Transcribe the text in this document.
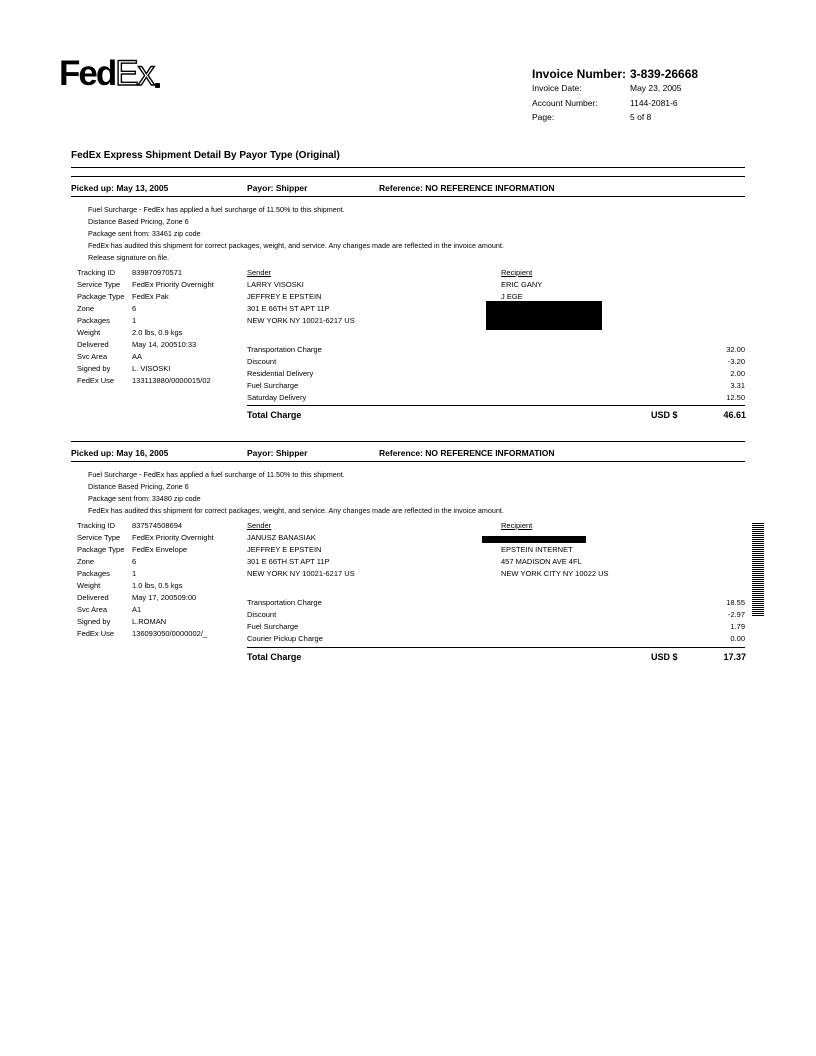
FedEx	Invoice Number: 3-839-26668
Invoice Date:	May 23, 2005
Account Number:	1144-2081-6
Page:	5 of 8
FedEx Express Shipment Detail By Payor Type (Original)
Picked up: May 13, 2005	Payor: Shipper	Reference: NO REFERENCE INFORMATION
Fuel Surcharge - FedEx has applied a fuel surcharge of 11.50% to this shipment.
Distance Based Pricing, Zone 6
Package sent from: 33461 zip code
FedEx has audited this shipment for correct packages, weight, and service. Any changes made are reflected in the invoice amount.
Release signature on file.
Tracking ID 839870970571
Service Type FedEx Priority Overnight
Package Type FedEx Pak
Zone	6
Packages	1
Weight	2.0 lbs, 0.9 kgs
Delivered	May 14, 200510:33
Svc Area	AA
Signed by	L. VISOSKI
FedEx Use 133113880/0000015/02
Sender
LARRY VISOSKI
JEFFREY E EPSTEIN
301 E 66TH ST APT 11P
NEW YORK NY 10021-6217 US
Recipient
ERIC GANY
J EGE
Transportation Charge	32.00
Discount	-3.20
Residential Delivery	2.00
Fuel Surcharge	3.31
Saturday Delivery	12.50
Total Charge	USD $	46.61
Picked up: May 16, 2005	Payor: Shipper	Reference: NO REFERENCE INFORMATION
Fuel Surcharge - FedEx has applied a fuel surcharge of 11.50% to this shipment.
Distance Based Pricing, Zone 6
Package sent from: 33480 zip code
FedEx has audited this shipment for correct packages, weight, and service. Any changes made are reflected in the invoice amount.
Tracking ID 837574508694
Service Type FedEx Priority Overnight
Package Type FedEx Envelope
Zone	6
Packages	1
Weight	1.0 lbs, 0.5 kgs
Delivered	May 17, 200509:00
Svc Area	A1
Signed by	L.ROMAN
FedEx Use 136093050/0000002/_
Sender
JANUSZ BANASIAK
JEFFREY E EPSTEIN
301 E 66TH ST APT 11P
NEW YORK NY 10021-6217 US
Recipient
EPSTEIN INTERNET
457 MADISON AVE 4FL
NEW YORK CITY NY 10022 US
Transportation Charge	18.55
Discount	-2.97
Fuel Surcharge	1.79
Courier Pickup Charge	0.00
Total Charge	USD $	17.37
